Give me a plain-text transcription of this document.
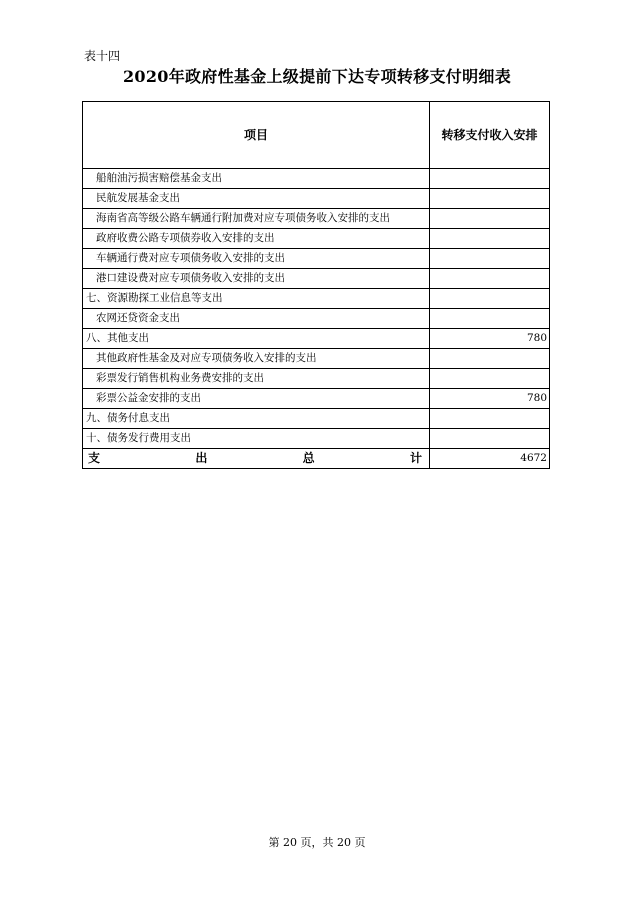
表十四
2020年政府性基金上级提前下达专项转移支付明细表
项目	转移支付收入安排
船舶油污损害赔偿基金支出	
民航发展基金支出	
海南省高等级公路车辆通行附加费对应专项债务收入安排的支出	
政府收费公路专项债券收入安排的支出	
车辆通行费对应专项债务收入安排的支出	
港口建设费对应专项债务收入安排的支出	
七、资源勘探工业信息等支出	
农网还贷资金支出	
八、其他支出	780
其他政府性基金及对应专项债务收入安排的支出	
彩票发行销售机构业务费安排的支出	
彩票公益金安排的支出	780
九、债务付息支出	
十、债务发行费用支出	

支 出 总 计	4672
第 20 页，共 20 页
